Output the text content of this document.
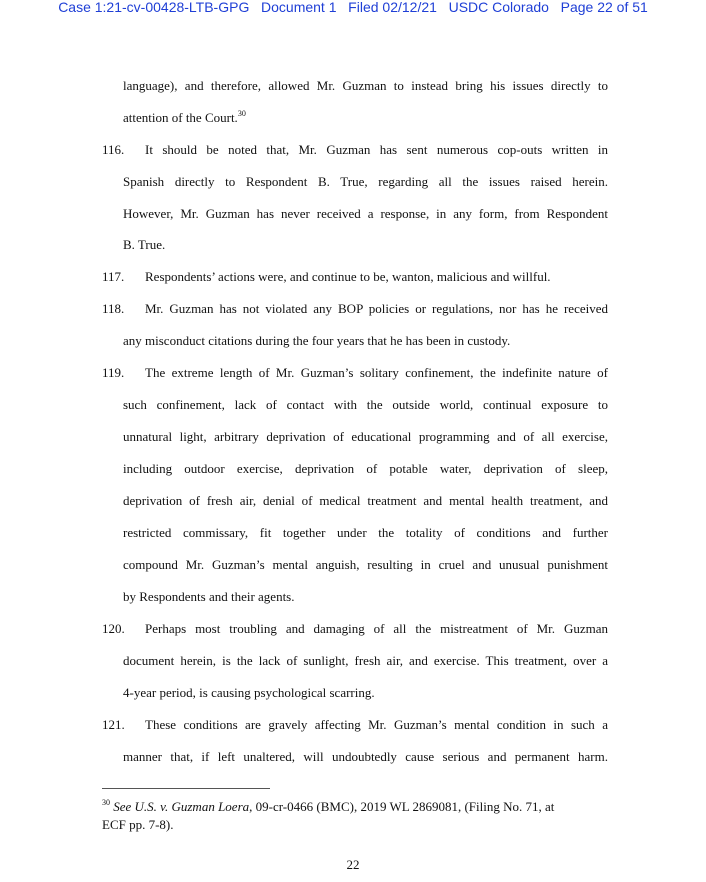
Case 1:21-cv-00428-LTB-GPG Document 1 Filed 02/12/21 USDC Colorado Page 22 of 51
language), and therefore, allowed Mr. Guzman to instead bring his issues directly to
attention of the Court.$^{30}$
116. It should be noted that, Mr. Guzman has sent numerous cop-outs written in
Spanish directly to Respondent B. True, regarding all the issues raised herein.
However, Mr. Guzman has never received a response, in any form, from Respondent
B. True.
117. Respondents’ actions were, and continue to be, wanton, malicious and willful.
118. Mr. Guzman has not violated any BOP policies or regulations, nor has he received
any misconduct citations during the four years that he has been in custody.
119. The extreme length of Mr. Guzman’s solitary confinement, the indefinite nature of
such confinement, lack of contact with the outside world, continual exposure to
unnatural light, arbitrary deprivation of educational programming and of all exercise,
including outdoor exercise, deprivation of potable water, deprivation of sleep,
deprivation of fresh air, denial of medical treatment and mental health treatment, and
restricted commissary, fit together under the totality of conditions and further
compound Mr. Guzman’s mental anguish, resulting in cruel and unusual punishment
by Respondents and their agents.
120. Perhaps most troubling and damaging of all the mistreatment of Mr. Guzman
document herein, is the lack of sunlight, fresh air, and exercise. This treatment, over a
4-year period, is causing psychological scarring.
121. These conditions are gravely affecting Mr. Guzman’s mental condition in such a
manner that, if left unaltered, will undoubtedly cause serious and permanent harm.
$^{30}$ See U.S. v. Guzman Loera, 09-cr-0466 (BMC), 2019 WL 2869081, (Filing No. 71, at
ECF pp. 7-8).
22
